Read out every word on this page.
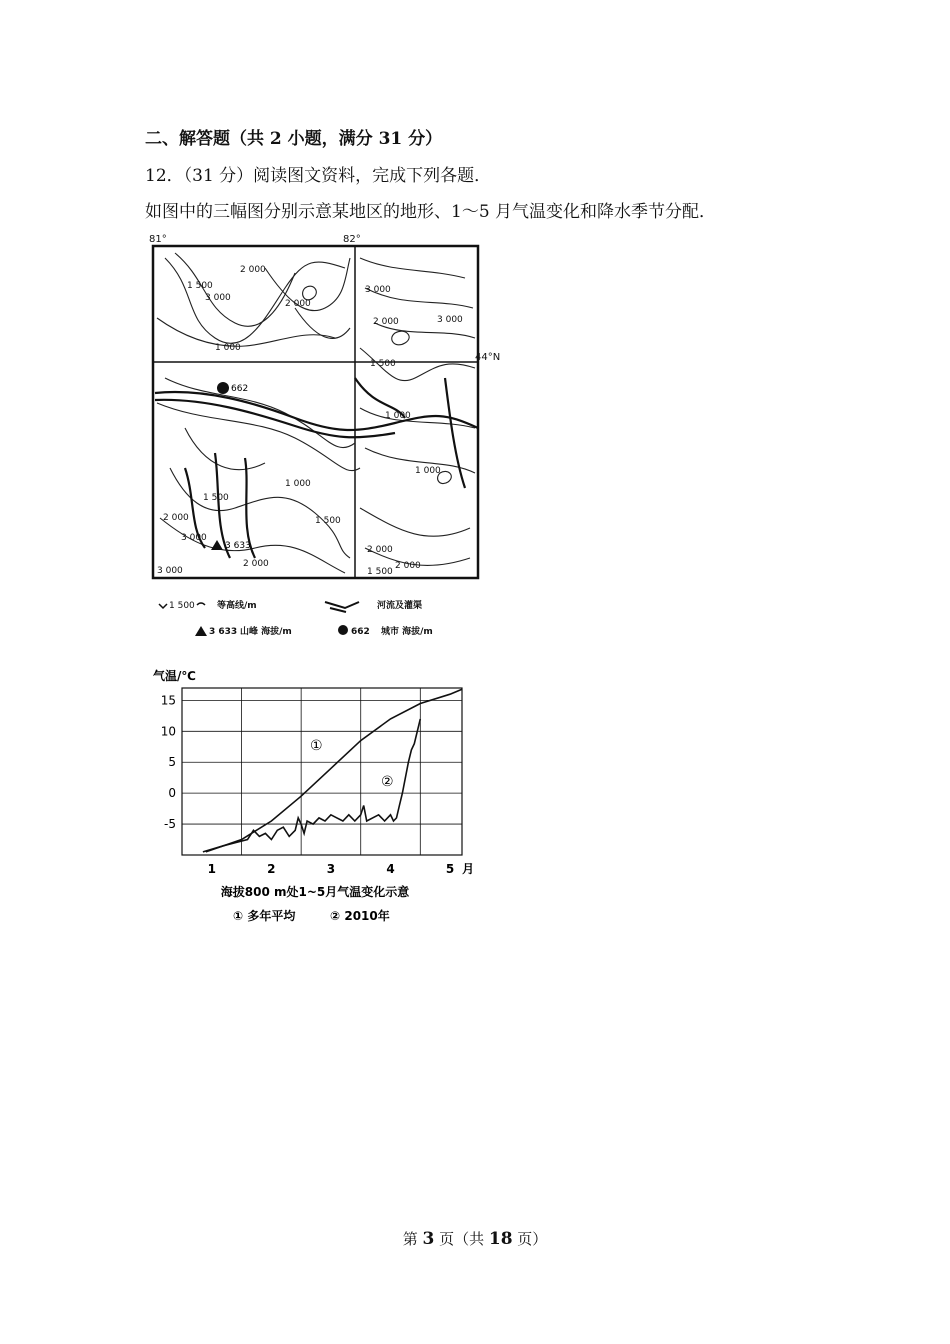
二、解答题（共 2 小题，满分 31 分）
12．（31 分）阅读图文资料，完成下列各题．
如图中的三幅图分别示意某地区的地形、1～5 月气温变化和降水季节分配．
81°	82°
44°N
2 000
1 500
3 000
2 000
1 000
3 000
2 000	3 000
1 500
1 000
1 000
1 000
1 500
1 500
2 000
3 000
2 000
1 500
2 000
2 000
3 000
662
3 633
1 500 等高线/m	河流及灌渠
3 633 山峰 海拔/m	662 城市 海拔/m
气温/℃
15
10
5
0
-5
1	2	3	4	5 月
①
②
海拔800 m处1~5月气温变化示意
① 多年平均	② 2010年
第 3 页（共 18 页）
